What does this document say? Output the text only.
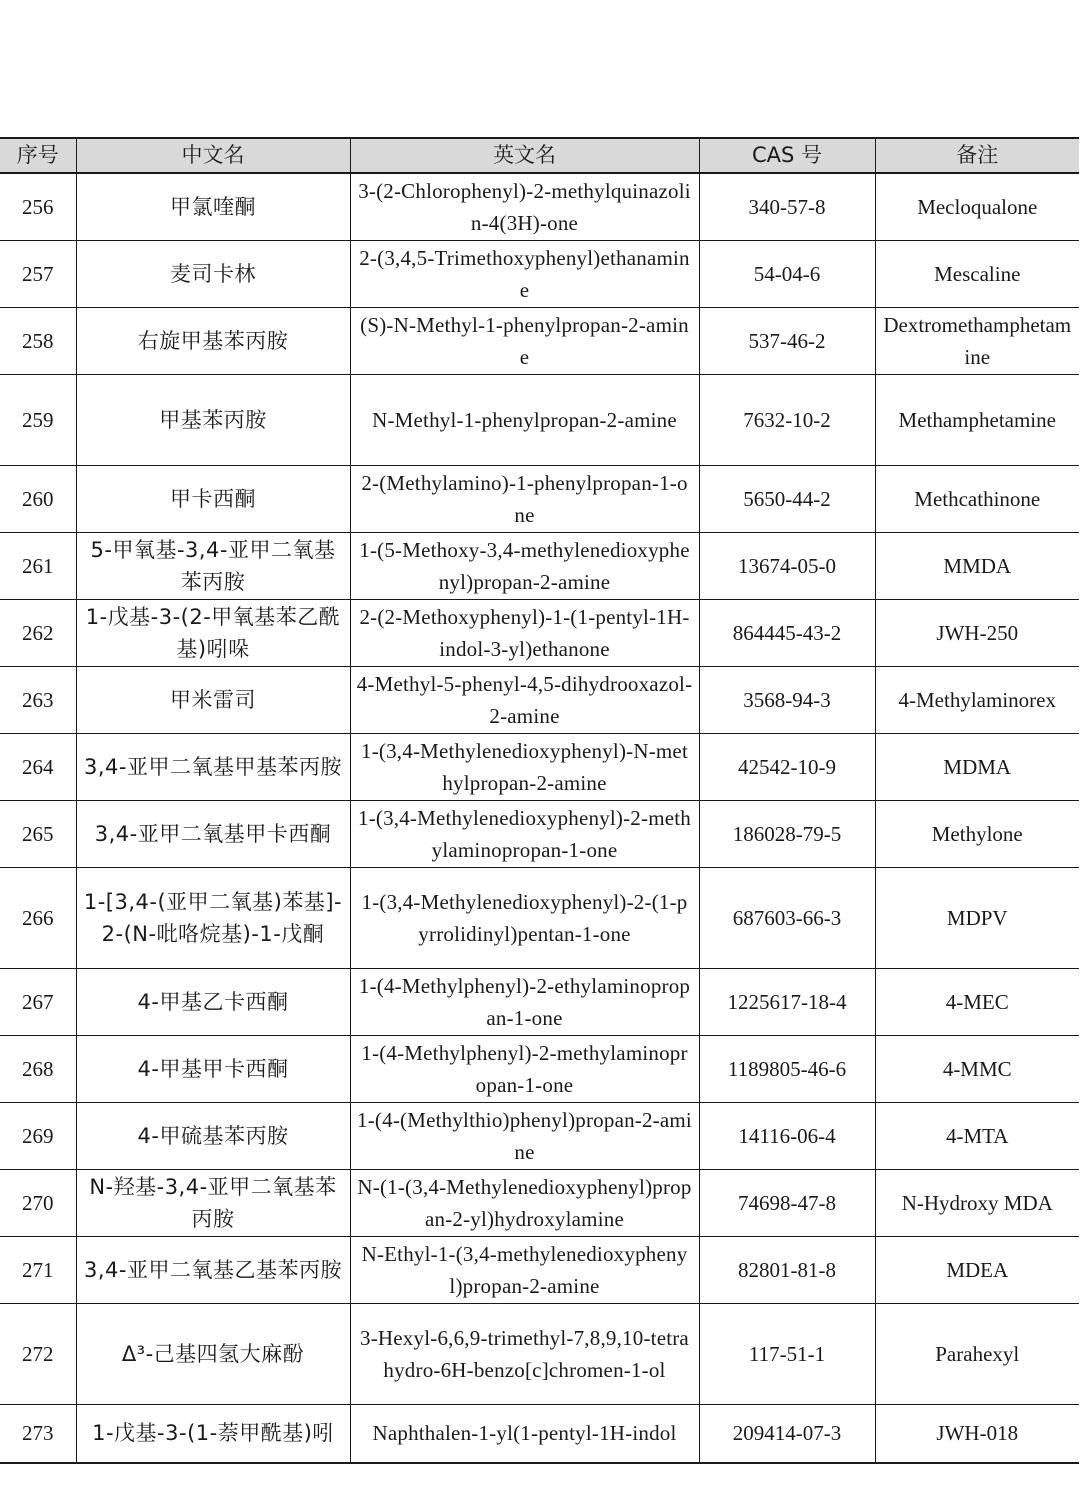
序号	中文名	英文名	CAS 号	备注
256	甲氯喹酮	3-(2-Chlorophenyl)-2-methylquinazolin-4(3H)-one	340-57-8	Mecloqualone
257	麦司卡林	2-(3,4,5-Trimethoxyphenyl)ethanamine	54-04-6	Mescaline
258	右旋甲基苯丙胺	(S)-N-Methyl-1-phenylpropan-2-amine	537-46-2	Dextromethamphetamine
259	甲基苯丙胺	N-Methyl-1-phenylpropan-2-amine	7632-10-2	Methamphetamine
260	甲卡西酮	2-(Methylamino)-1-phenylpropan-1-one	5650-44-2	Methcathinone
261	5-甲氧基-3,4-亚甲二氧基苯丙胺	1-(5-Methoxy-3,4-methylenedioxyphenyl)propan-2-amine	13674-05-0	MMDA
262	1-戊基-3-(2-甲氧基苯乙酰基)吲哚	2-(2-Methoxyphenyl)-1-(1-pentyl-1H-indol-3-yl)ethanone	864445-43-2	JWH-250
263	甲米雷司	4-Methyl-5-phenyl-4,5-dihydrooxazol-2-amine	3568-94-3	4-Methylaminorex
264	3,4-亚甲二氧基甲基苯丙胺	1-(3,4-Methylenedioxyphenyl)-N-methylpropan-2-amine	42542-10-9	MDMA
265	3,4-亚甲二氧基甲卡西酮	1-(3,4-Methylenedioxyphenyl)-2-methylaminopropan-1-one	186028-79-5	Methylone
266	1-[3,4-(亚甲二氧基)苯基]-2-(N-吡咯烷基)-1-戊酮	1-(3,4-Methylenedioxyphenyl)-2-(1-pyrrolidinyl)pentan-1-one	687603-66-3	MDPV
267	4-甲基乙卡西酮	1-(4-Methylphenyl)-2-ethylaminopropan-1-one	1225617-18-4	4-MEC
268	4-甲基甲卡西酮	1-(4-Methylphenyl)-2-methylaminopropan-1-one	1189805-46-6	4-MMC
269	4-甲硫基苯丙胺	1-(4-(Methylthio)phenyl)propan-2-amine	14116-06-4	4-MTA
270	N-羟基-3,4-亚甲二氧基苯丙胺	N-(1-(3,4-Methylenedioxyphenyl)propan-2-yl)hydroxylamine	74698-47-8	N-Hydroxy MDA
271	3,4-亚甲二氧基乙基苯丙胺	N-Ethyl-1-(3,4-methylenedioxyphenyl)propan-2-amine	82801-81-8	MDEA
272	Δ³-己基四氢大麻酚	3-Hexyl-6,6,9-trimethyl-7,8,9,10-tetrahydro-6H-benzo[c]chromen-1-ol	117-51-1	Parahexyl
273	1-戊基-3-(1-萘甲酰基)吲	Naphthalen-1-yl(1-pentyl-1H-indol	209414-07-3	JWH-018
